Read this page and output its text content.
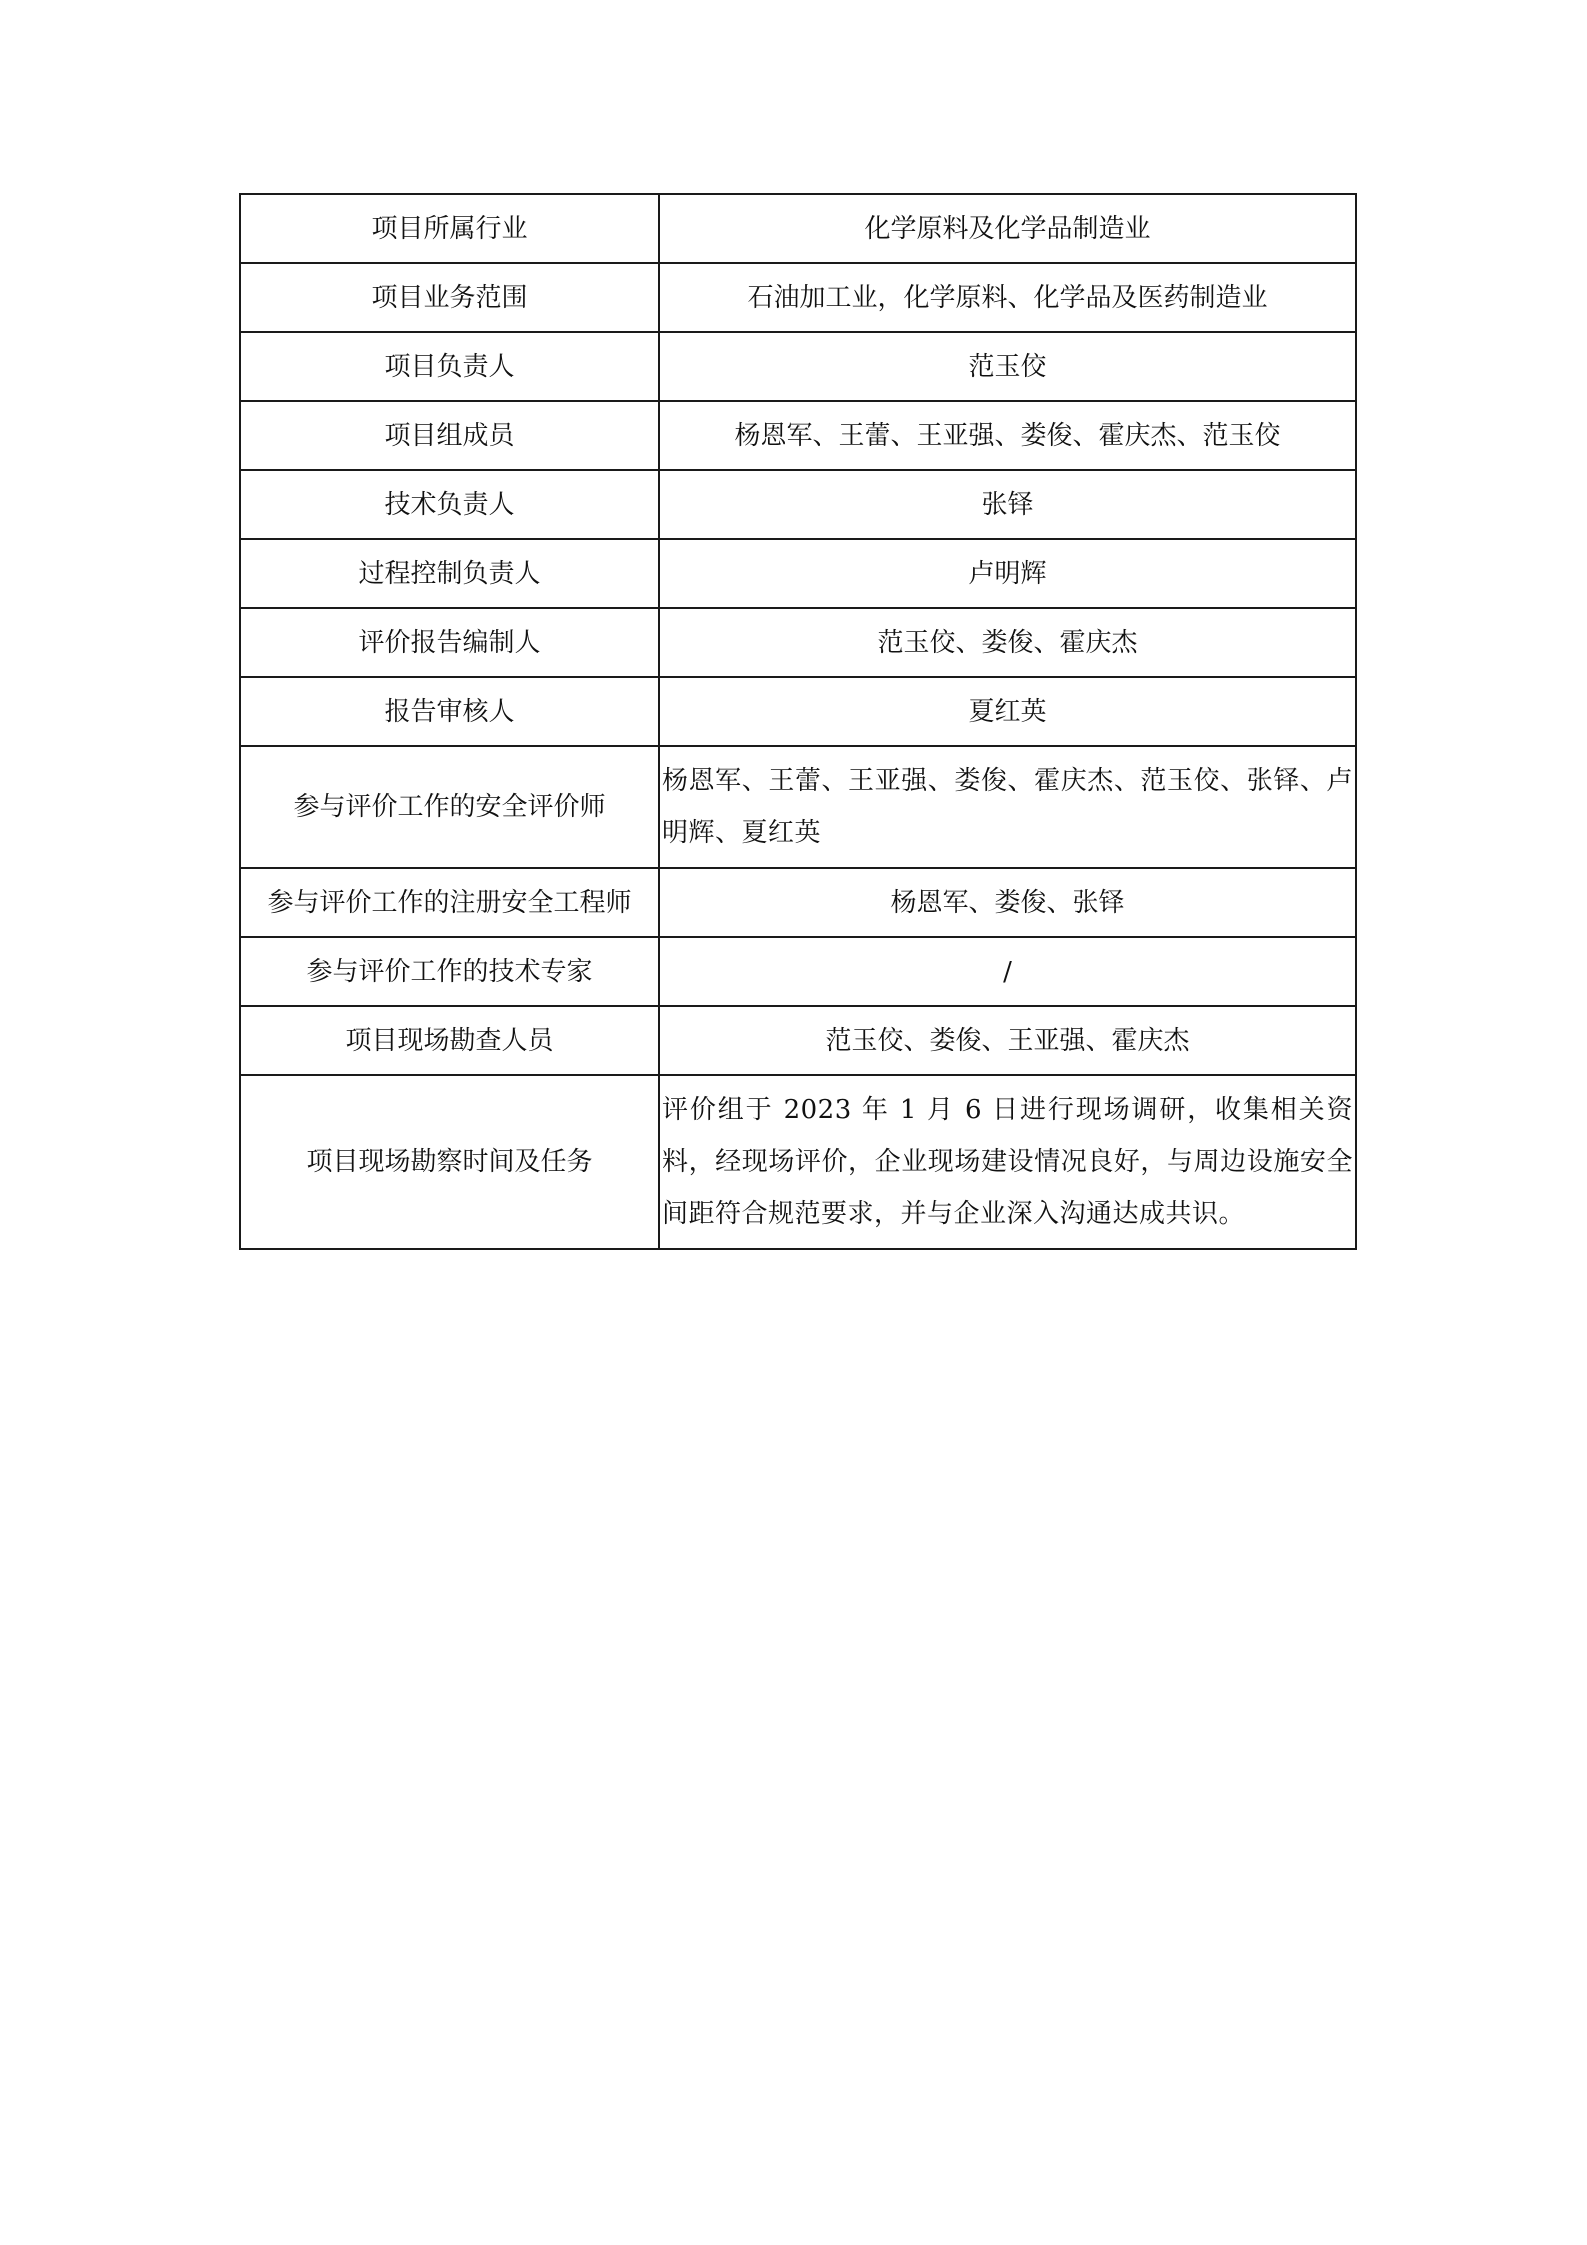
项目所属行业	化学原料及化学品制造业
项目业务范围	石油加工业，化学原料、化学品及医药制造业
项目负责人	范玉佼
项目组成员	杨恩军、王蕾、王亚强、娄俊、霍庆杰、范玉佼
技术负责人	张铎
过程控制负责人	卢明辉
评价报告编制人	范玉佼、娄俊、霍庆杰
报告审核人	夏红英
参与评价工作的安全评价师	杨恩军、王蕾、王亚强、娄俊、霍庆杰、范玉佼、张铎、卢明辉、夏红英
参与评价工作的注册安全工程师	杨恩军、娄俊、张铎
参与评价工作的技术专家	/
项目现场勘查人员	范玉佼、娄俊、王亚强、霍庆杰
项目现场勘察时间及任务	评价组于 2023 年 1 月 6 日进行现场调研，收集相关资料，经现场评价，企业现场建设情况良好，与周边设施安全间距符合规范要求，并与企业深入沟通达成共识。
